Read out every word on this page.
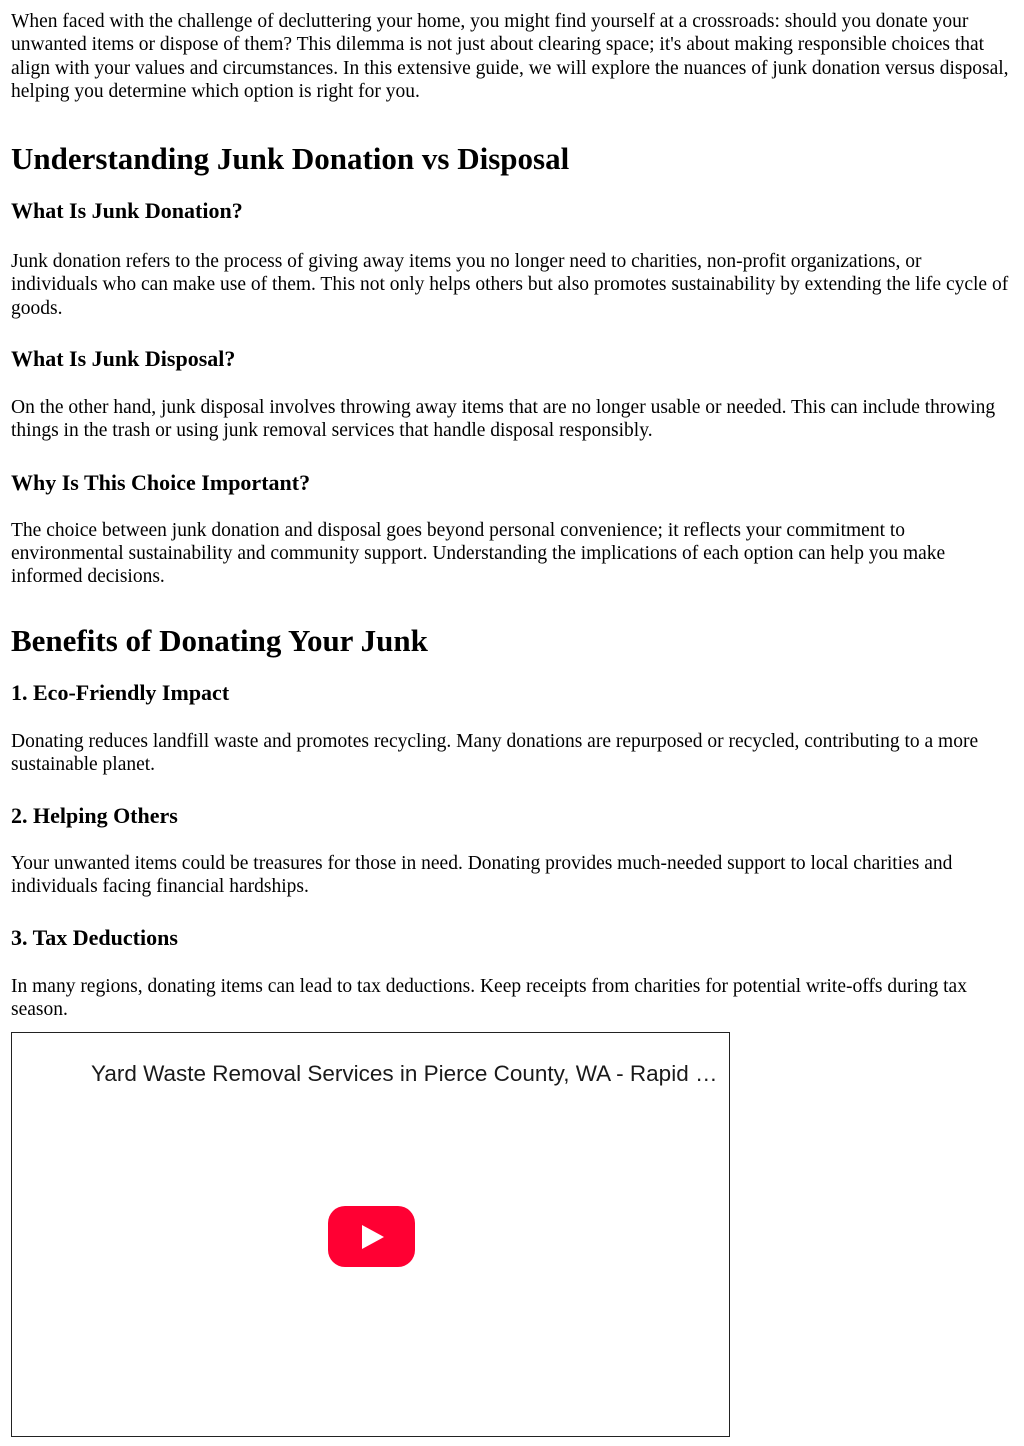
When faced with the challenge of decluttering your home, you might find yourself at a crossroads: should you donate your unwanted items or dispose of them? This dilemma is not just about clearing space; it's about making responsible choices that align with your values and circumstances. In this extensive guide, we will explore the nuances of junk donation versus disposal, helping you determine which option is right for you.

Understanding Junk Donation vs Disposal
What Is Junk Donation?

Junk donation refers to the process of giving away items you no longer need to charities, non-profit organizations, or individuals who can make use of them. This not only helps others but also promotes sustainability by extending the life cycle of goods.

What Is Junk Disposal?

On the other hand, junk disposal involves throwing away items that are no longer usable or needed. This can include throwing things in the trash or using junk removal services that handle disposal responsibly.

Why Is This Choice Important?

The choice between junk donation and disposal goes beyond personal convenience; it reflects your commitment to environmental sustainability and community support. Understanding the implications of each option can help you make informed decisions.

Benefits of Donating Your Junk
1. Eco-Friendly Impact

Donating reduces landfill waste and promotes recycling. Many donations are repurposed or recycled, contributing to a more sustainable planet.

2. Helping Others

Your unwanted items could be treasures for those in need. Donating provides much-needed support to local charities and individuals facing financial hardships.

3. Tax Deductions

In many regions, donating items can lead to tax deductions. Keep receipts from charities for potential write-offs during tax season.

Yard Waste Removal Services in Pierce County, WA - Rapid …
